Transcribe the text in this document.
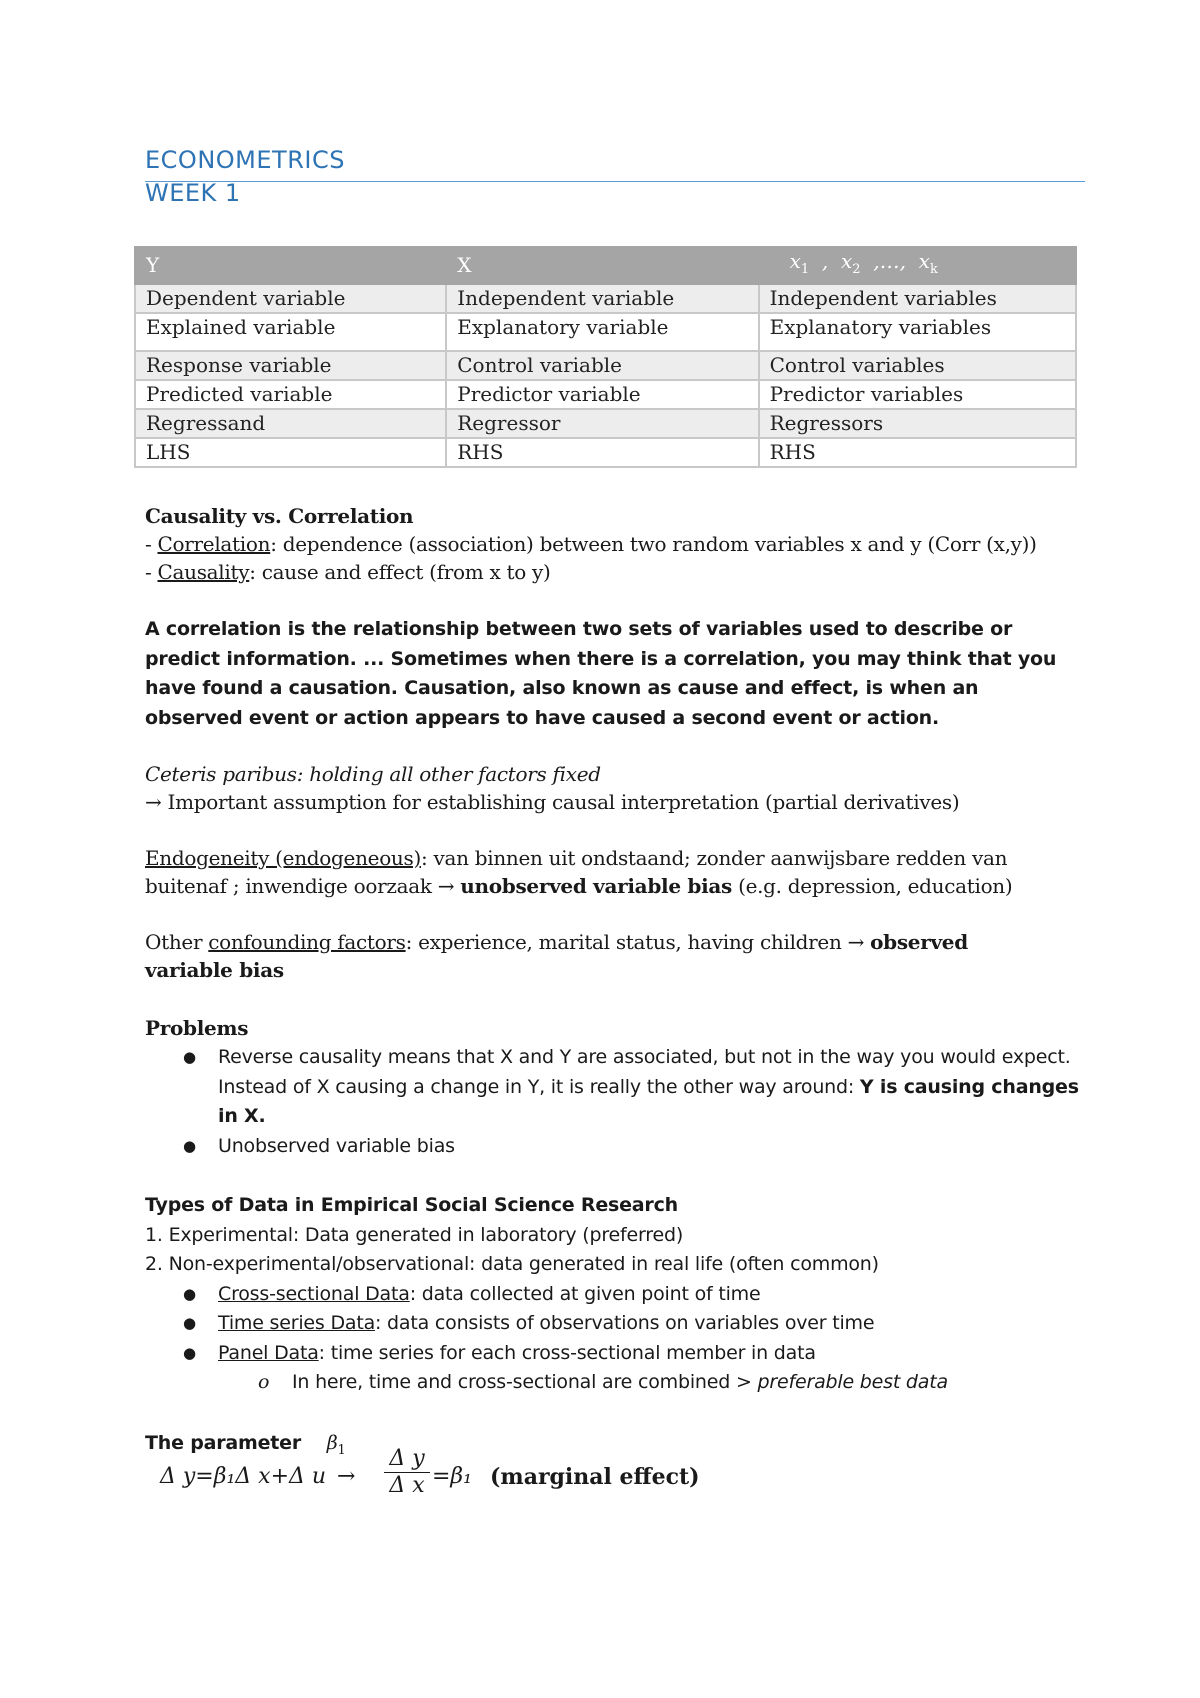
ECONOMETRICS
WEEK 1
Y	X	$x_1$ , $x_2$ ,…, $x_k$
Dependent variable	Independent variable	Independent variables
Explained variable	Explanatory variable	Explanatory variables
Response variable	Control variable	Control variables
Predicted variable	Predictor variable	Predictor variables
Regressand	Regressor	Regressors
LHS	RHS	RHS

Causality vs. Correlation

- Correlation: dependence (association) between two random variables x and y (Corr (x,y))

- Causality: cause and effect (from x to y)

A correlation is the relationship between two sets of variables used to describe or predict information. ... Sometimes when there is a correlation, you may think that you have found a causation. Causation, also known as cause and effect, is when an observed event or action appears to have caused a second event or action.

Ceteris paribus: holding all other factors fixed

→ Important assumption for establishing causal interpretation (partial derivatives)

Endogeneity (endogeneous): van binnen uit ondstaand; zonder aanwijsbare redden van buitenaf ; inwendige oorzaak → unobserved variable bias (e.g. depression, education)

Other confounding factors: experience, marital status, having children → observed variable bias

Problems
● Reverse causality means that X and Y are associated, but not in the way you would expect. Instead of X causing a change in Y, it is really the other way around: Y is causing changes in X.
● Unobserved variable bias

Types of Data in Empirical Social Science Research

1. Experimental: Data generated in laboratory (preferred)

2. Non-experimental/observational: data generated in real life (often common)

● Cross-sectional Data: data collected at given point of time
● Time series Data: data consists of observations on variables over time
● Panel Data: time series for each cross-sectional member in data
o In here, time and cross-sectional are combined > preferable best data
The parameter $\beta_1$
Δ y=β₁Δ x+Δ $u \to \frac{\text{Δ y}}{\text{Δ x}} =\beta_1$ (marginal effect)
